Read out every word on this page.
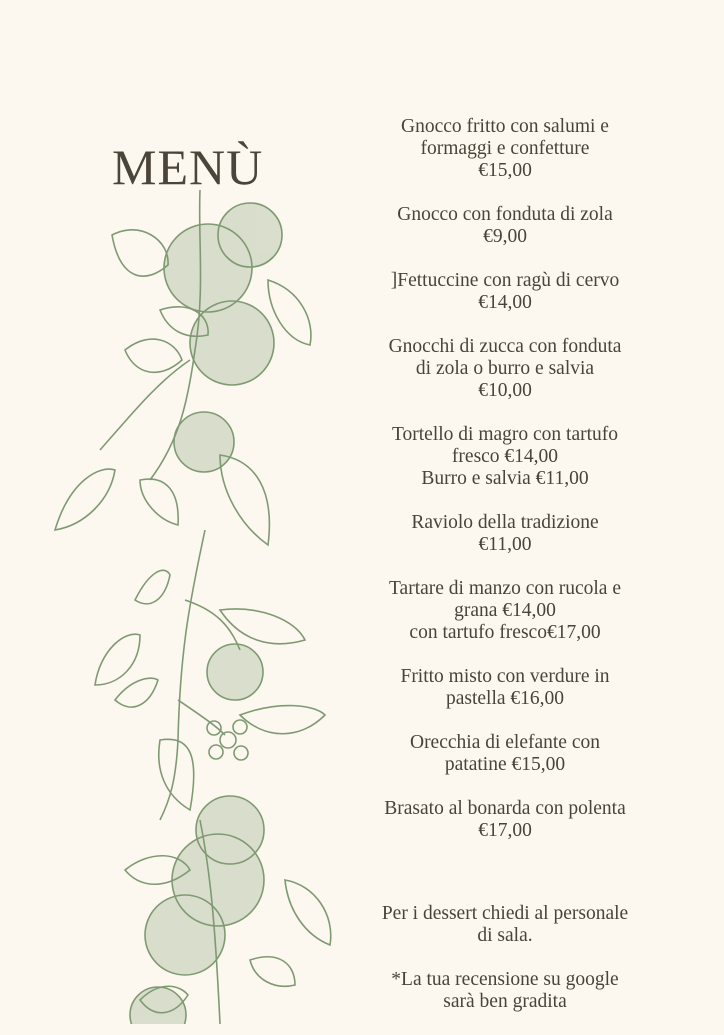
MENÙ
Gnocco fritto con salumi e
formaggi e confetture
€15,00
Gnocco con fonduta di zola
€9,00
]Fettuccine con ragù di cervo
€14,00
Gnocchi di zucca con fonduta
di zola o burro e salvia
€10,00
Tortello di magro con tartufo
fresco €14,00
Burro e salvia €11,00
Raviolo della tradizione
€11,00
Tartare di manzo con rucola e
grana €14,00
con tartufo fresco€17,00
Fritto misto con verdure in
pastella €16,00
Orecchia di elefante con
patatine €15,00
Brasato al bonarda con polenta
€17,00

Per i dessert chiedi al personale
di sala.

*La tua recensione su google
sarà ben gradita
